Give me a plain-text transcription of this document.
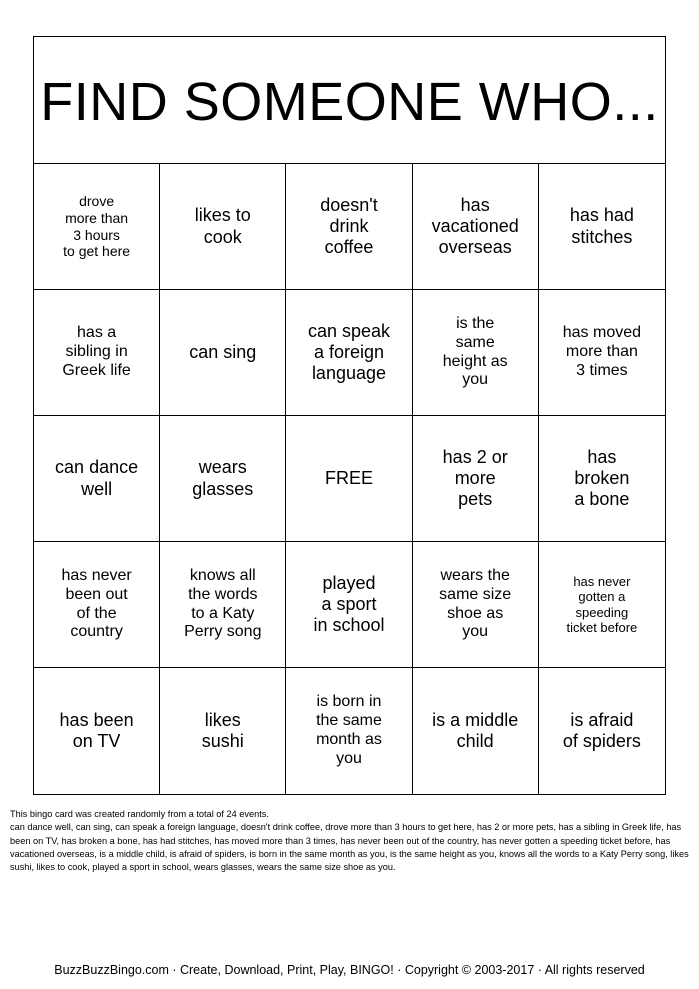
FIND SOMEONE WHO...
drove
more than
3 hours
to get here
likes to
cook
doesn't
drink
coffee
has
vacationed
overseas
has had
stitches
has a
sibling in
Greek life
can sing
can speak
a foreign
language
is the
same
height as
you
has moved
more than
3 times
can dance
well
wears
glasses
FREE
has 2 or
more
pets
has
broken
a bone
has never
been out
of the
country
knows all
the words
to a Katy
Perry song
played
a sport
in school
wears the
same size
shoe as
you
has never
gotten a
speeding
ticket before
has been
on TV
likes
sushi
is born in
the same
month as
you
is a middle
child
is afraid
of spiders

This bingo card was created randomly from a total of 24 events.

can dance well, can sing, can speak a foreign language, doesn't drink coffee, drove more than 3 hours to get here, has 2 or more pets, has a sibling in Greek life, has been on TV, has broken a bone, has had stitches, has moved more than 3 times, has never been out of the country, has never gotten a speeding ticket before, has vacationed overseas, is a middle child, is afraid of spiders, is born in the same month as you, is the same height as you, knows all the words to a Katy Perry song, likes sushi, likes to cook, played a sport in school, wears glasses, wears the same size shoe as you.

BuzzBuzzBingo.com · Create, Download, Print, Play, BINGO! · Copyright © 2003-2017 · All rights reserved
